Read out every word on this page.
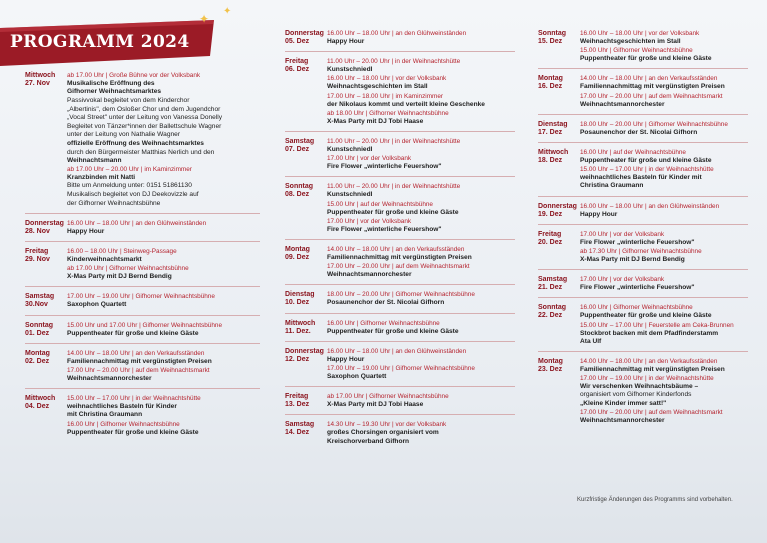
PROGRAMM 2024
✦
✦
Mittwoch
27. Nov
ab 17.00 Uhr | Große Bühne vor der Volksbank
Musikalische Eröffnung des
Gifhorner Weihnachtsmarktes
Passivvokal begleitet von dem Kinderchor
„Albertinis", dem Osloßer Chor und dem Jugendchor
„Vocal Street" unter der Leitung von Vanessa Donelly
Begleitet von Tänzer*innen der Ballettschule Wagner
unter der Leitung von Nathalie Wagner
offizielle Eröffnung des Weihnachtsmarktes
durch den Bürgermeister Matthias Nerlich und den
Weihnachtsmann
ab 17.00 Uhr – 20.00 Uhr | im Kaminzimmer
Kranzbinden mit Natti
Bitte um Anmeldung unter: 0151 51861130
Musikalisch begleitet von DJ Deekovizzle auf
der Gifhorner Weihnachtsbühne
Donnerstag
28. Nov
16.00 Uhr – 18.00 Uhr | an den Glühweinständen
Happy Hour
Freitag
29. Nov
16.00 – 18.00 Uhr | Steinweg-Passage
Kinderweihnachtsmarkt
ab 17.00 Uhr | Gifhorner Weihnachtsbühne
X-Mas Party mit DJ Bernd Bendig
Samstag
30.Nov
17.00 Uhr – 19.00 Uhr | Gifhorner Weihnachtsbühne
Saxophon Quartett
Sonntag
01. Dez
15.00 Uhr und 17.00 Uhr | Gifhorner Weihnachtsbühne
Puppentheater für große und kleine Gäste
Montag
02. Dez
14.00 Uhr – 18.00 Uhr | an den Verkaufsständen
Familiennachmittag mit vergünstigten Preisen
17.00 Uhr – 20.00 Uhr | auf dem Weihnachtsmarkt
Weihnachtsmannorchester
Mittwoch
04. Dez
15.00 Uhr – 17.00 Uhr | in der Weihnachtshütte
weihnachtliches Basteln für Kinder
mit Christina Graumann
16.00 Uhr | Gifhorner Weihnachtsbühne
Puppentheater für große und kleine Gäste
Donnerstag
05. Dez
16.00 Uhr – 18.00 Uhr | an den Glühweinständen
Happy Hour
Freitag
06. Dez
11.00 Uhr – 20.00 Uhr | in der Weihnachtshütte
Kunstschniedl
16.00 Uhr – 18.00 Uhr | vor der Volksbank
Weihnachtsgeschichten im Stall
17.00 Uhr – 18.00 Uhr | im Kaminzimmer
der Nikolaus kommt und verteilt kleine Geschenke
ab 18.00 Uhr | Gifhorner Weihnachtsbühne
X-Mas Party mit DJ Tobi Haase
Samstag
07. Dez
11.00 Uhr – 20.00 Uhr | in der Weihnachtshütte
Kunstschniedl
17.00 Uhr | vor der Volksbank
Fire Flower „winterliche Feuershow"
Sonntag
08. Dez
11.00 Uhr – 20.00 Uhr | in der Weihnachtshütte
Kunstschniedl
15.00 Uhr | auf der Weihnachtsbühne
Puppentheater für große und kleine Gäste
17.00 Uhr | vor der Volksbank
Fire Flower „winterliche Feuershow"
Montag
09. Dez
14.00 Uhr – 18.00 Uhr | an den Verkaufsständen
Familiennachmittag mit vergünstigten Preisen
17.00 Uhr – 20.00 Uhr | auf dem Weihnachtsmarkt
Weihnachtsmannorchester
Dienstag
10. Dez
18.00 Uhr – 20.00 Uhr | Gifhorner Weihnachtsbühne
Posaunenchor der St. Nicolai Gifhorn
Mittwoch
11. Dez.
16.00 Uhr | Gifhorner Weihnachtsbühne
Puppentheater für große und kleine Gäste
Donnerstag
12. Dez
16.00 Uhr – 18.00 Uhr | an den Glühweinständen
Happy Hour
17.00 Uhr – 19.00 Uhr | Gifhorner Weihnachtsbühne
Saxophon Quartett
Freitag
13. Dez
ab 17.00 Uhr | Gifhorner Weihnachtsbühne
X-Mas Party mit DJ Tobi Haase
Samstag
14. Dez
14.30 Uhr – 19.30 Uhr | vor der Volksbank
großes Chorsingen organisiert vom
Kreischorverband Gifhorn
Sonntag
15. Dez
16.00 Uhr – 18.00 Uhr | vor der Volksbank
Weihnachtsgeschichten im Stall
15.00 Uhr | Gifhorner Weihnachtsbühne
Puppentheater für große und kleine Gäste
Montag
16. Dez
14.00 Uhr – 18.00 Uhr | an den Verkaufsständen
Familiennachmittag mit vergünstigten Preisen
17.00 Uhr – 20.00 Uhr | auf dem Weihnachtsmarkt
Weihnachtsmannorchester
Dienstag
17. Dez
18.00 Uhr – 20.00 Uhr | Gifhorner Weihnachtsbühne
Posaunenchor der St. Nicolai Gifhorn
Mittwoch
18. Dez
16.00 Uhr | auf der Weihnachtsbühne
Puppentheater für große und kleine Gäste
15.00 Uhr – 17.00 Uhr | in der Weihnachtshütte
weihnachtliches Basteln für Kinder mit
Christina Graumann
Donnerstag
19. Dez
16.00 Uhr – 18.00 Uhr | an den Glühweinständen
Happy Hour
Freitag
20. Dez
17.00 Uhr | vor der Volksbank
Fire Flower „winterliche Feuershow"
ab 17.30 Uhr | Gifhorner Weihnachtsbühne
X-Mas Party mit DJ Bernd Bendig
Samstag
21. Dez
17.00 Uhr | vor der Volksbank
Fire Flower „winterliche Feuershow"
Sonntag
22. Dez
16.00 Uhr | Gifhorner Weihnachtsbühne
Puppentheater für große und kleine Gäste
15.00 Uhr – 17.00 Uhr | Feuerstelle am Ceka-Brunnen
Stockbrot backen mit dem Pfadfinderstamm
Ata Ulf
Montag
23. Dez
14.00 Uhr – 18.00 Uhr | an den Verkaufsständen
Familiennachmittag mit vergünstigten Preisen
17.00 Uhr – 19.00 Uhr | in der Weihnachtshütte
Wir verschenken Weihnachtsbäume –
organisiert vom Gifhorner Kinderfonds
„Kleine Kinder immer satt!"
17.00 Uhr – 20.00 Uhr | auf dem Weihnachtsmarkt
Weihnachtsmannorchester
Kurzfristige Änderungen des Programms sind vorbehalten.
